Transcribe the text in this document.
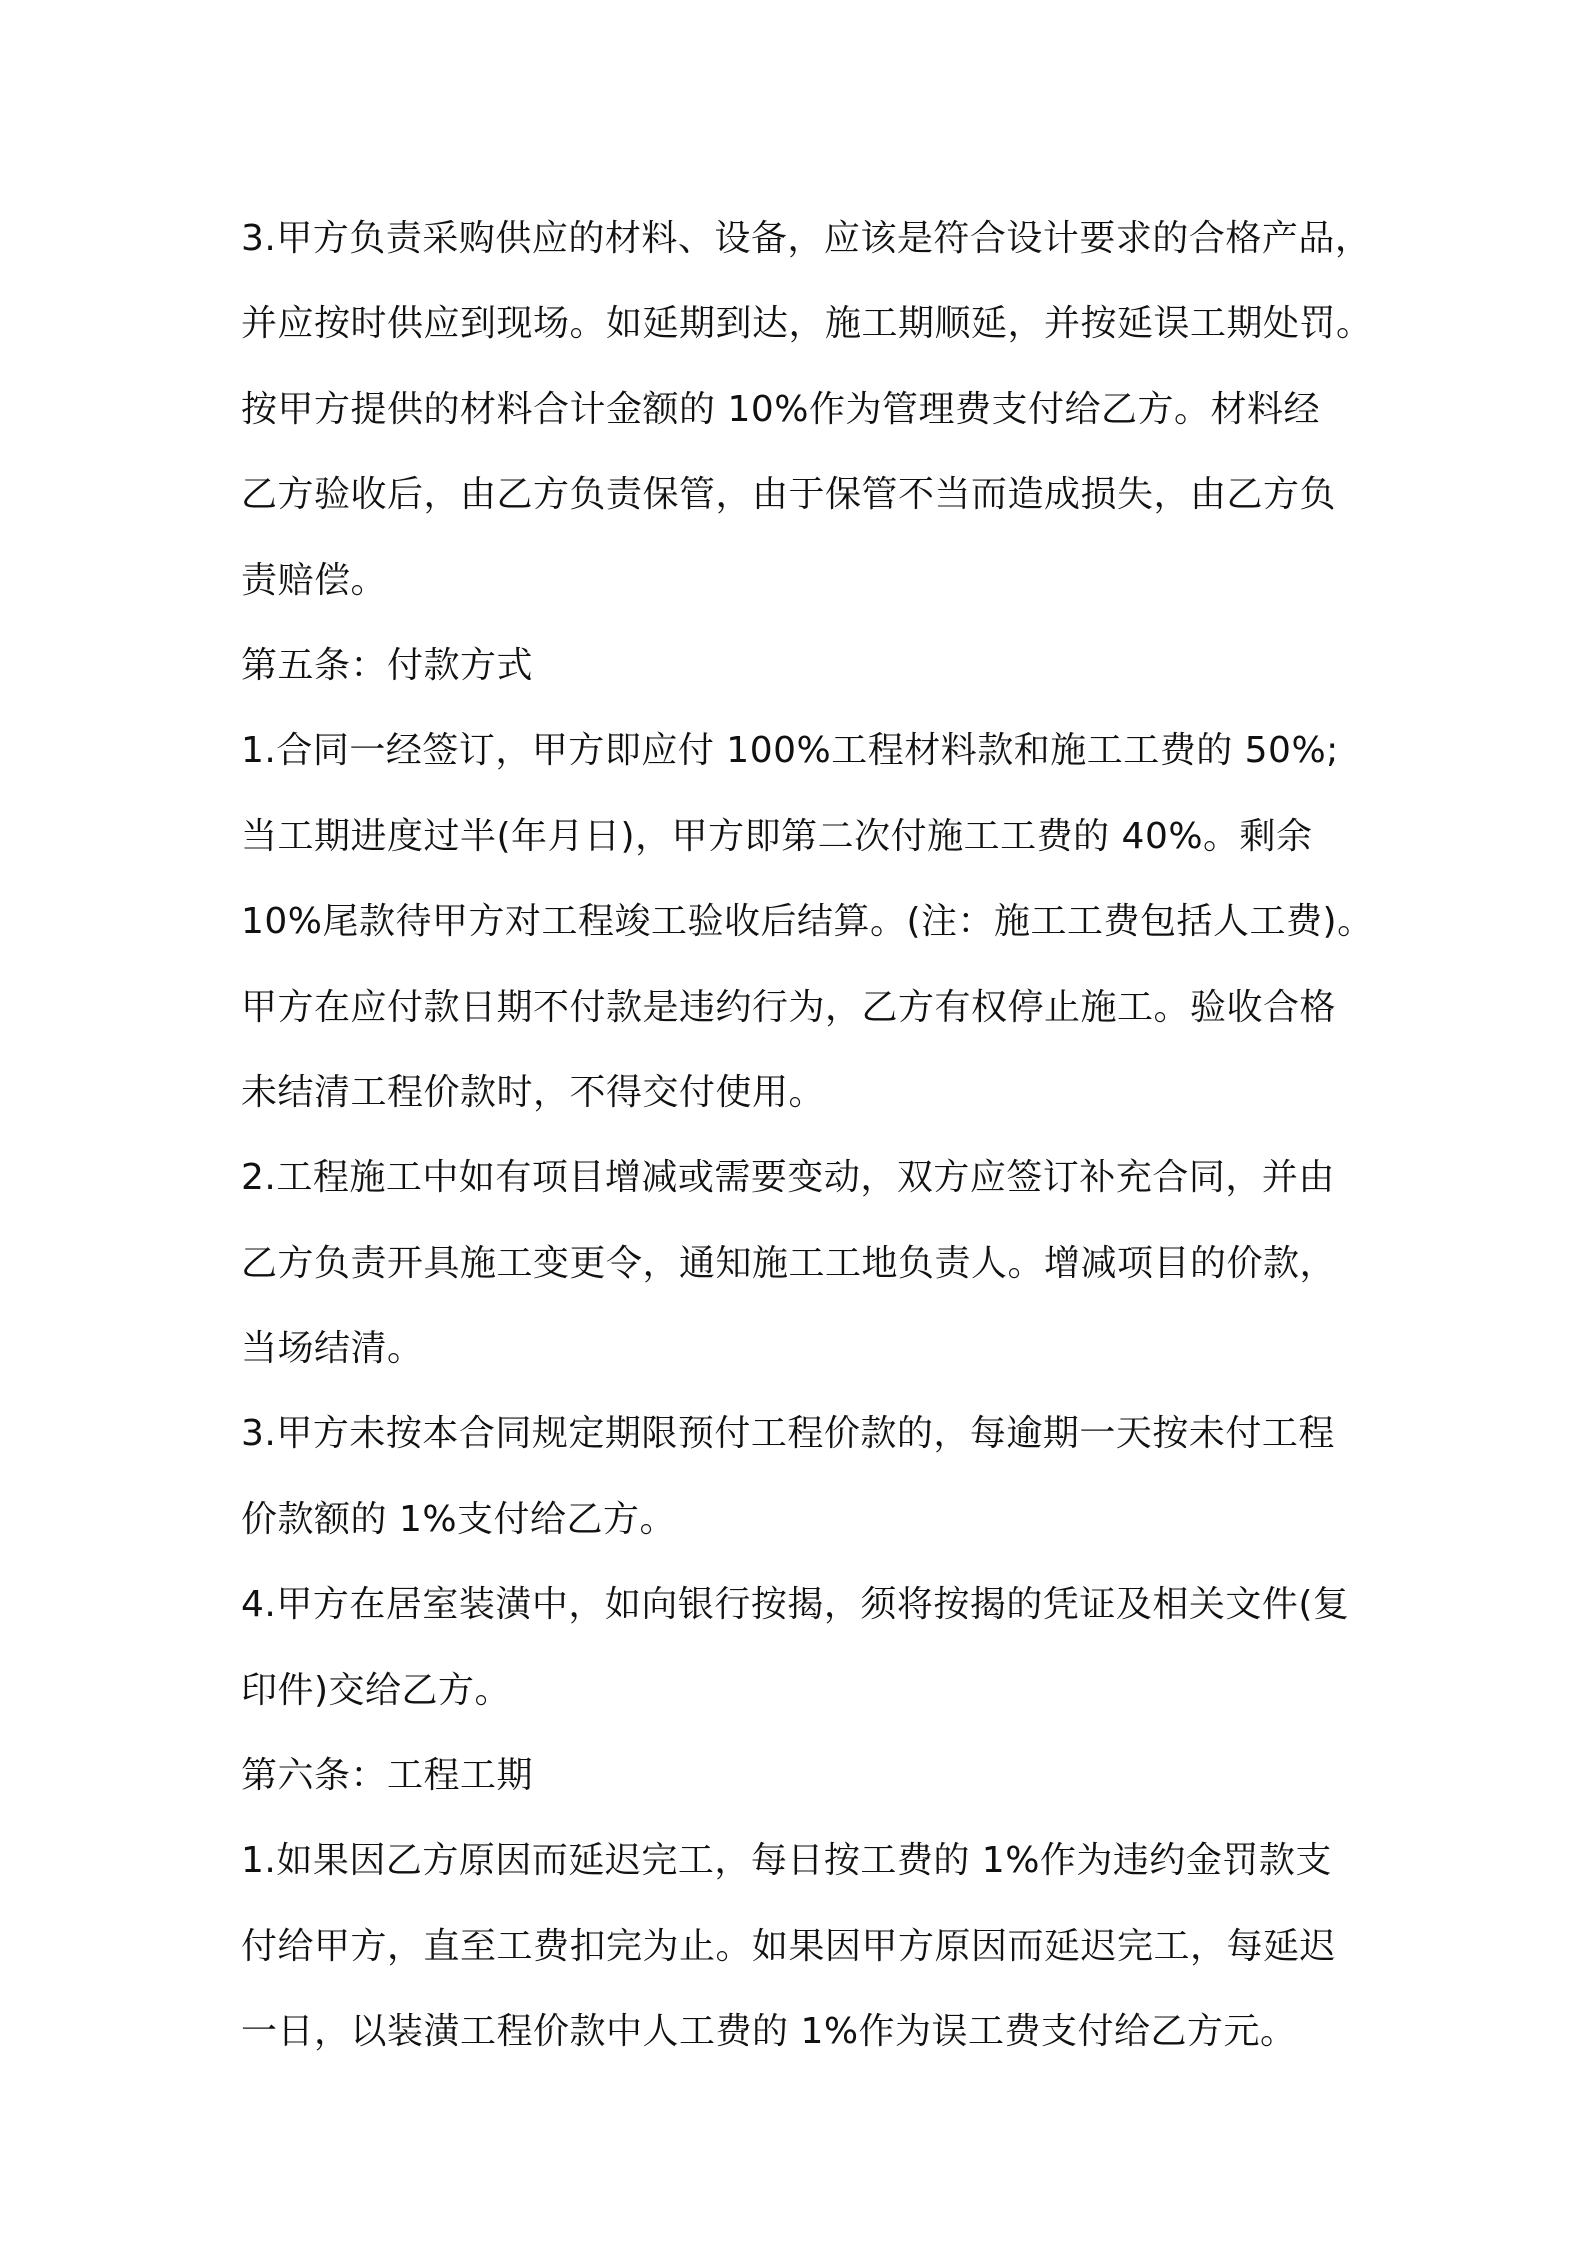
3.甲方负责采购供应的材料、设备，应该是符合设计要求的合格产品，
并应按时供应到现场。如延期到达，施工期顺延，并按延误工期处罚。
按甲方提供的材料合计金额的 10%作为管理费支付给乙方。材料经
乙方验收后，由乙方负责保管，由于保管不当而造成损失，由乙方负
责赔偿。
第五条：付款方式
1.合同一经签订，甲方即应付 100%工程材料款和施工工费的 50%;
当工期进度过半(年月日)，甲方即第二次付施工工费的 40%。剩余
10%尾款待甲方对工程竣工验收后结算。(注：施工工费包括人工费)。
甲方在应付款日期不付款是违约行为，乙方有权停止施工。验收合格
未结清工程价款时，不得交付使用。
2.工程施工中如有项目增减或需要变动，双方应签订补充合同，并由
乙方负责开具施工变更令，通知施工工地负责人。增减项目的价款，
当场结清。
3.甲方未按本合同规定期限预付工程价款的，每逾期一天按未付工程
价款额的 1%支付给乙方。
4.甲方在居室装潢中，如向银行按揭，须将按揭的凭证及相关文件(复
印件)交给乙方。
第六条：工程工期
1.如果因乙方原因而延迟完工，每日按工费的 1%作为违约金罚款支
付给甲方，直至工费扣完为止。如果因甲方原因而延迟完工，每延迟
一日，以装潢工程价款中人工费的 1%作为误工费支付给乙方元。
